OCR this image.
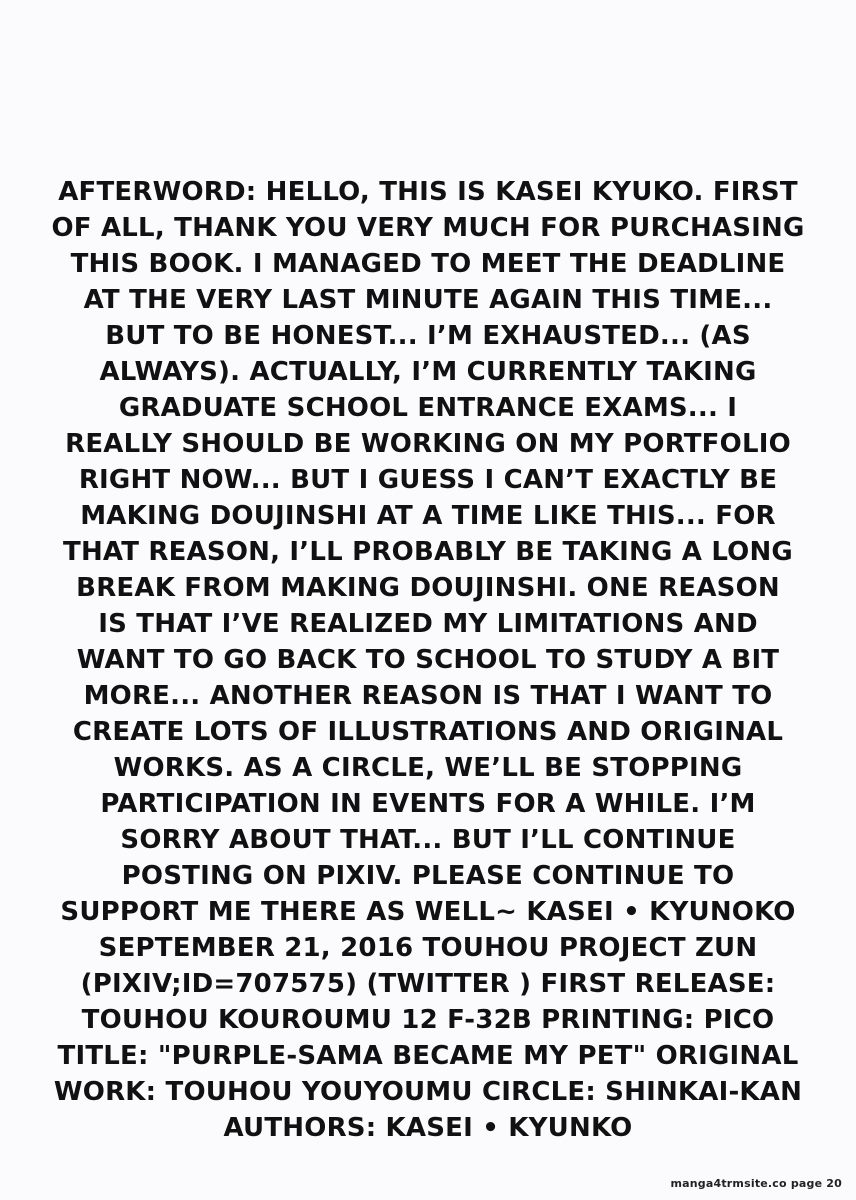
AFTERWORD: HELLO, THIS IS KASEI KYUKO. FIRST
OF ALL, THANK YOU VERY MUCH FOR PURCHASING
THIS BOOK. I MANAGED TO MEET THE DEADLINE
AT THE VERY LAST MINUTE AGAIN THIS TIME...
BUT TO BE HONEST... I’M EXHAUSTED... (AS
ALWAYS). ACTUALLY, I’M CURRENTLY TAKING
GRADUATE SCHOOL ENTRANCE EXAMS... I
REALLY SHOULD BE WORKING ON MY PORTFOLIO
RIGHT NOW... BUT I GUESS I CAN’T EXACTLY BE
MAKING DOUJINSHI AT A TIME LIKE THIS... FOR
THAT REASON, I’LL PROBABLY BE TAKING A LONG
BREAK FROM MAKING DOUJINSHI. ONE REASON
IS THAT I’VE REALIZED MY LIMITATIONS AND
WANT TO GO BACK TO SCHOOL TO STUDY A BIT
MORE... ANOTHER REASON IS THAT I WANT TO
CREATE LOTS OF ILLUSTRATIONS AND ORIGINAL
WORKS. AS A CIRCLE, WE’LL BE STOPPING
PARTICIPATION IN EVENTS FOR A WHILE. I’M
SORRY ABOUT THAT... BUT I’LL CONTINUE
POSTING ON PIXIV. PLEASE CONTINUE TO
SUPPORT ME THERE AS WELL~ KASEI • KYUNOKO
SEPTEMBER 21, 2016 TOUHOU PROJECT ZUN
(PIXIV;ID=707575) (TWITTER ) FIRST RELEASE:
TOUHOU KOUROUMU 12 F-32B PRINTING: PICO
TITLE: "PURPLE-SAMA BECAME MY PET" ORIGINAL
WORK: TOUHOU YOUYOUMU CIRCLE: SHINKAI-KAN
AUTHORS: KASEI • KYUNKO
manga4trmsite.co page 20
